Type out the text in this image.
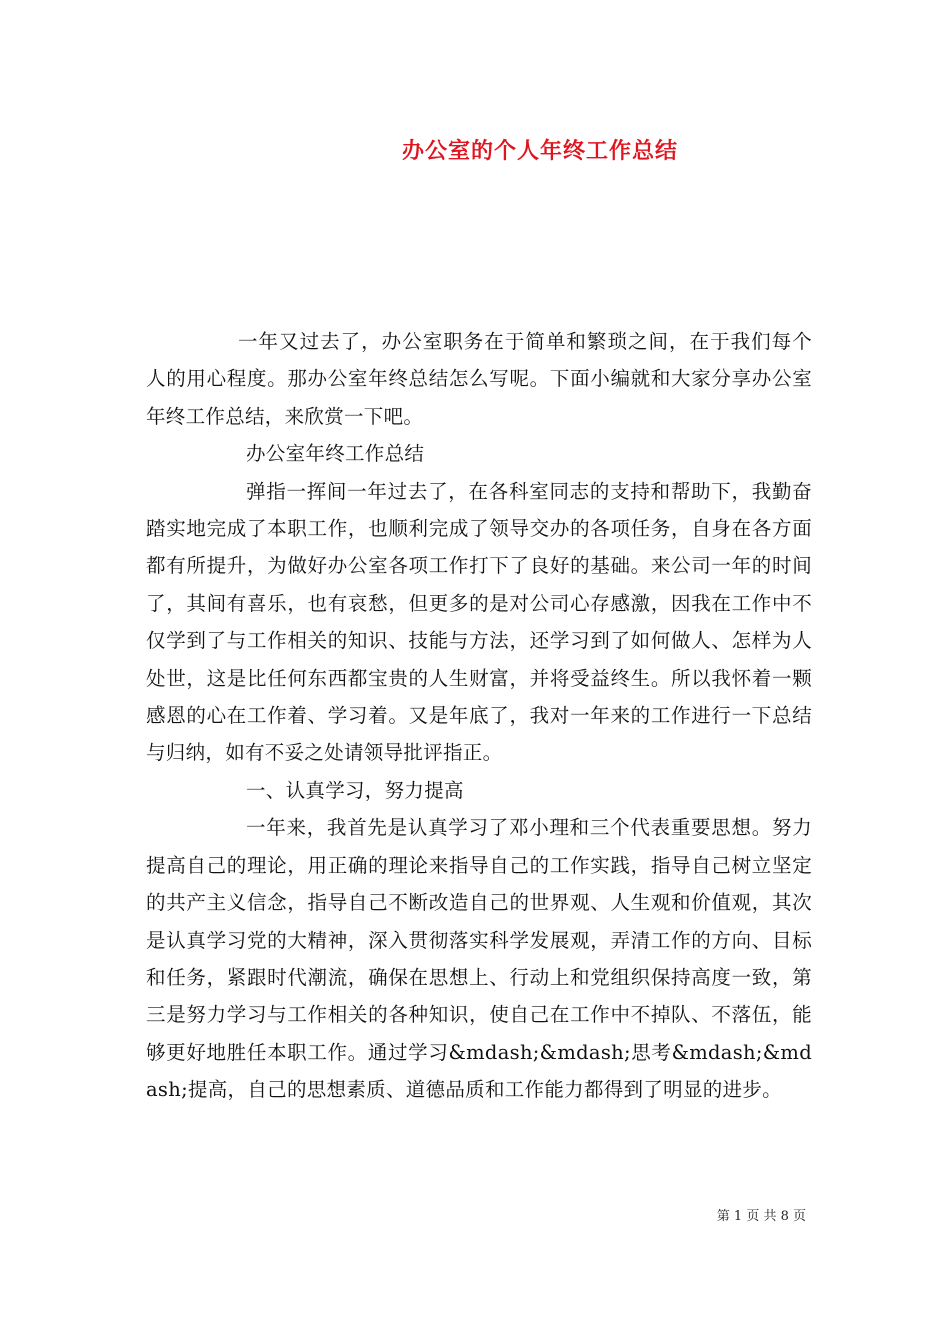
办公室的个人年终工作总结

一年又过去了，办公室职务在于简单和繁琐之间，在于我们每个人的用心程度。那办公室年终总结怎么写呢。下面小编就和大家分享办公室年终工作总结，来欣赏一下吧。

办公室年终工作总结

弹指一挥间一年过去了，在各科室同志的支持和帮助下，我勤奋踏实地完成了本职工作，也顺利完成了领导交办的各项任务，自身在各方面都有所提升，为做好办公室各项工作打下了良好的基础。来公司一年的时间了，其间有喜乐，也有哀愁，但更多的是对公司心存感激，因我在工作中不仅学到了与工作相关的知识、技能与方法，还学习到了如何做人、怎样为人处世，这是比任何东西都宝贵的人生财富，并将受益终生。所以我怀着一颗感恩的心在工作着、学习着。又是年底了，我对一年来的工作进行一下总结与归纳，如有不妥之处请领导批评指正。

一、认真学习，努力提高

一年来，我首先是认真学习了邓小理和三个代表重要思想。努力提高自己的理论，用正确的理论来指导自己的工作实践，指导自己树立坚定的共产主义信念，指导自己不断改造自己的世界观、人生观和价值观，其次是认真学习党的大精神，深入贯彻落实科学发展观，弄清工作的方向、目标和任务，紧跟时代潮流，确保在思想上、行动上和党组织保持高度一致，第三是努力学习与工作相关的各种知识，使自己在工作中不掉队、不落伍，能够更好地胜任本职工作。通过学习&mdash;&mdash;思考&mdash;&mdash;提高，自己的思想素质、道德品质和工作能力都得到了明显的进步。

第 1 页 共 8 页
